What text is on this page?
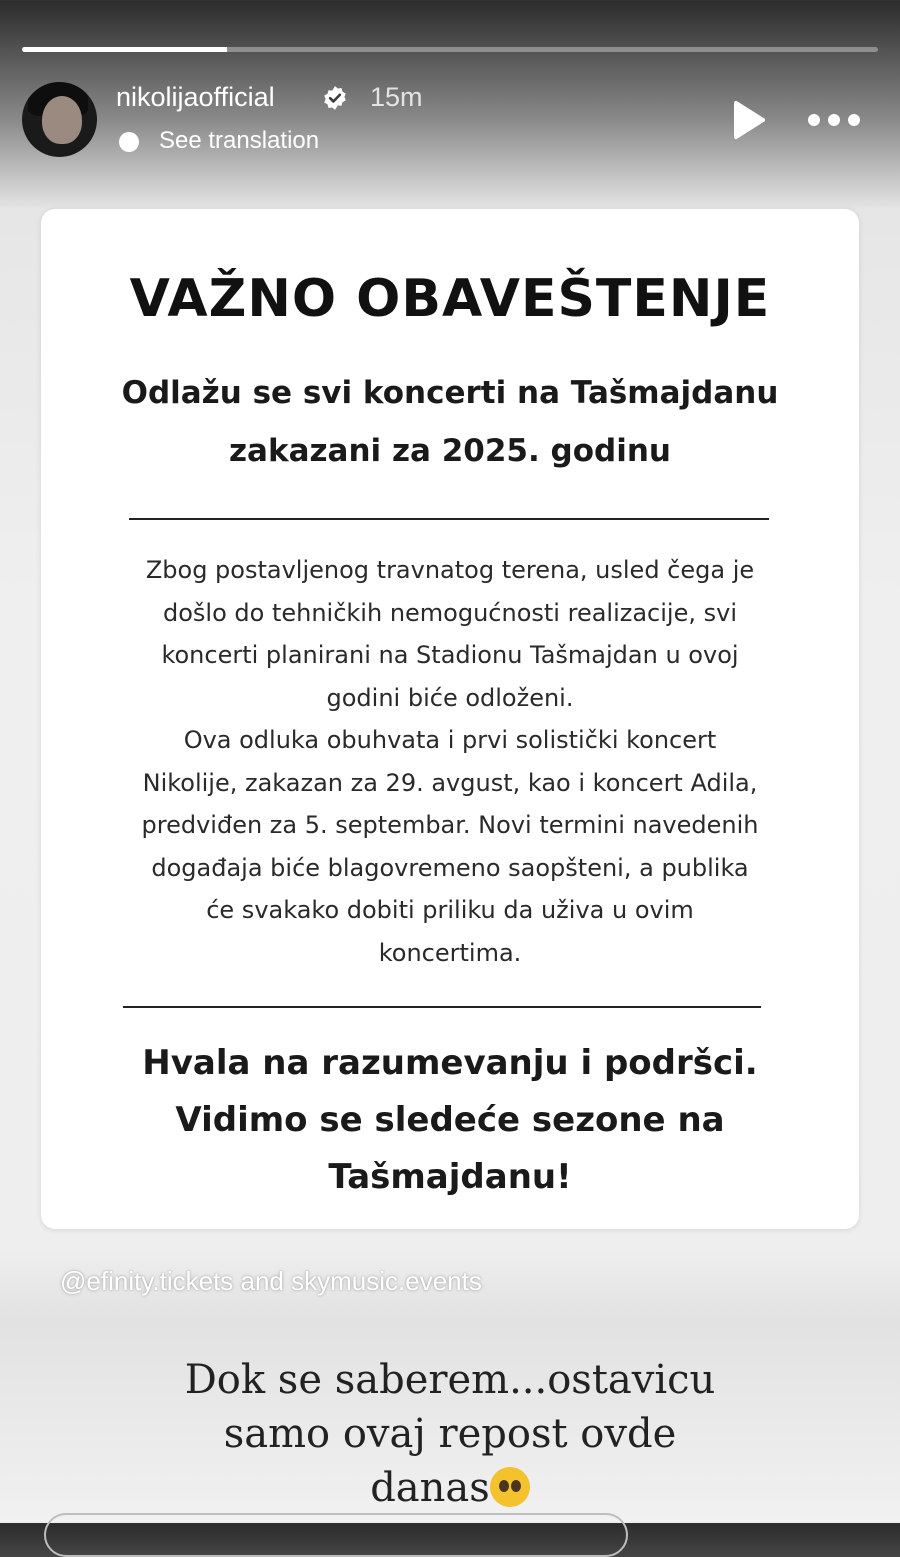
nikolijaofficial	15m
See translation
VAŽNO OBAVEŠTENJE
Odlažu se svi koncerti na Tašmajdanu
zakazani za 2025. godinu

Zbog postavljenog travnatog terena, usled čega je

došlo do tehničkih nemogućnosti realizacije, svi

koncerti planirani na Stadionu Tašmajdan u ovoj

godini biće odloženi.

Ova odluka obuhvata i prvi solistički koncert

Nikolije, zakazan za 29. avgust, kao i koncert Adila,

predviđen za 5. septembar. Novi termini navedenih

događaja biće blagovremeno saopšteni, a publika

će svakako dobiti priliku da uživa u ovim

koncertima.

Hvala na razumevanju i podršci.
Vidimo se sledeće sezone na
Tašmajdanu!
@efinity.tickets and skymusic.events
Dok se saberem...ostavicu
samo ovaj repost ovde
danas
